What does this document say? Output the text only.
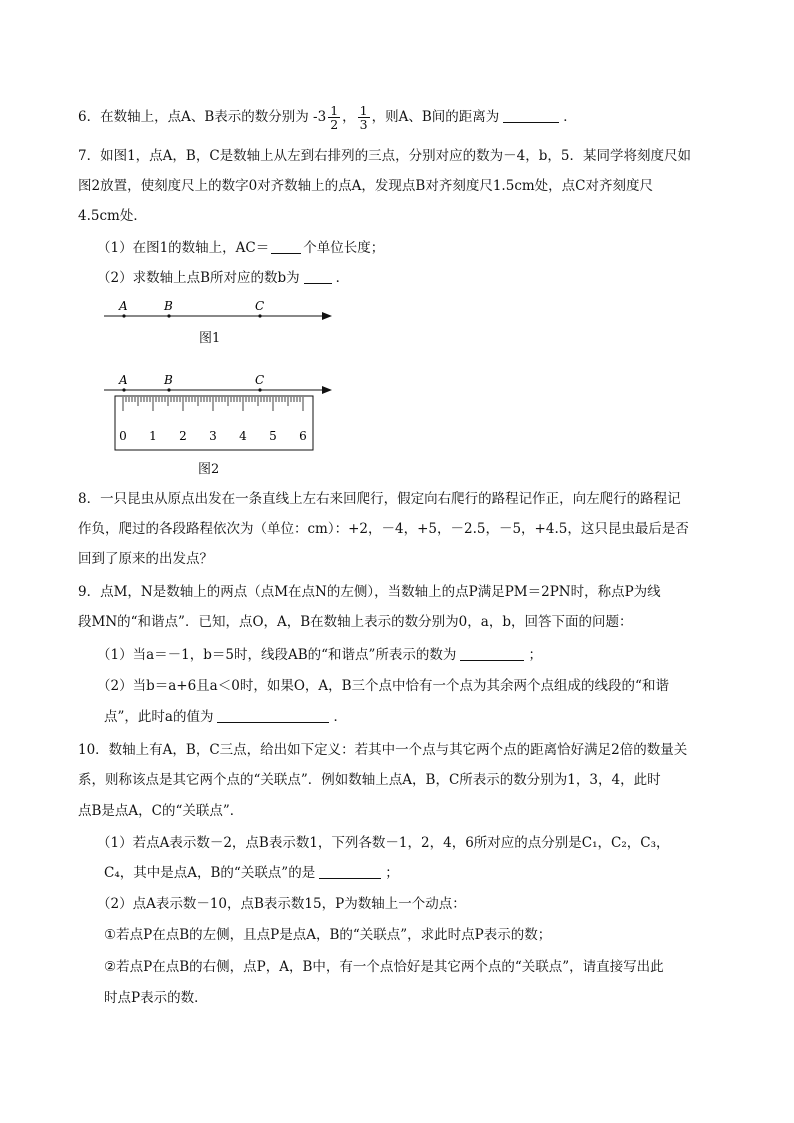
6．在数轴上，点A、B表示的数分别为 $-3 \frac{1}{2}$ ， $\frac{1}{3}$ ，则A、B间的距离为	．
7．如图1，点A，B，C是数轴上从左到右排列的三点，分别对应的数为－4，b，5．某同学将刻度尺如
图2放置，使刻度尺上的数字0对齐数轴上的点A，发现点B对齐刻度尺1.5cm处，点C对齐刻度尺
4.5cm处．
（1）在图1的数轴上，AC＝	个单位长度；
（2）求数轴上点B所对应的数b为	．
A	B	C
图1
A	B	C
0 1 2 3 4 5 6
图2
8．一只昆虫从原点出发在一条直线上左右来回爬行，假定向右爬行的路程记作正，向左爬行的路程记
作负，爬过的各段路程依次为（单位：cm）：+2，－4，+5，－2.5，－5，+4.5，这只昆虫最后是否
回到了原来的出发点？
9．点M，N是数轴上的两点（点M在点N的左侧），当数轴上的点P满足PM＝2PN时，称点P为线
段MN的“和谐点”．已知，点O，A，B在数轴上表示的数分别为0，a，b，回答下面的问题：
（1）当a＝－1，b＝5时，线段AB的“和谐点”所表示的数为	；
（2）当b＝a+6且a＜0时，如果O，A，B三个点中恰有一个点为其余两个点组成的线段的“和谐
点”，此时a的值为	．
10．数轴上有A，B，C三点，给出如下定义：若其中一个点与其它两个点的距离恰好满足2倍的数量关
系，则称该点是其它两个点的“关联点”．例如数轴上点A，B，C所表示的数分别为1，3，4，此时
点B是点A，C的“关联点”．
（1）若点A表示数－2，点B表示数1，下列各数－1，2，4，6所对应的点分别是C₁，C₂，C₃，
C₄，其中是点A，B的“关联点”的是	；
（2）点A表示数－10，点B表示数15，P为数轴上一个动点：
①若点P在点B的左侧，且点P是点A，B的“关联点”，求此时点P表示的数；
②若点P在点B的右侧，点P，A，B中，有一个点恰好是其它两个点的“关联点”，请直接写出此
时点P表示的数．
